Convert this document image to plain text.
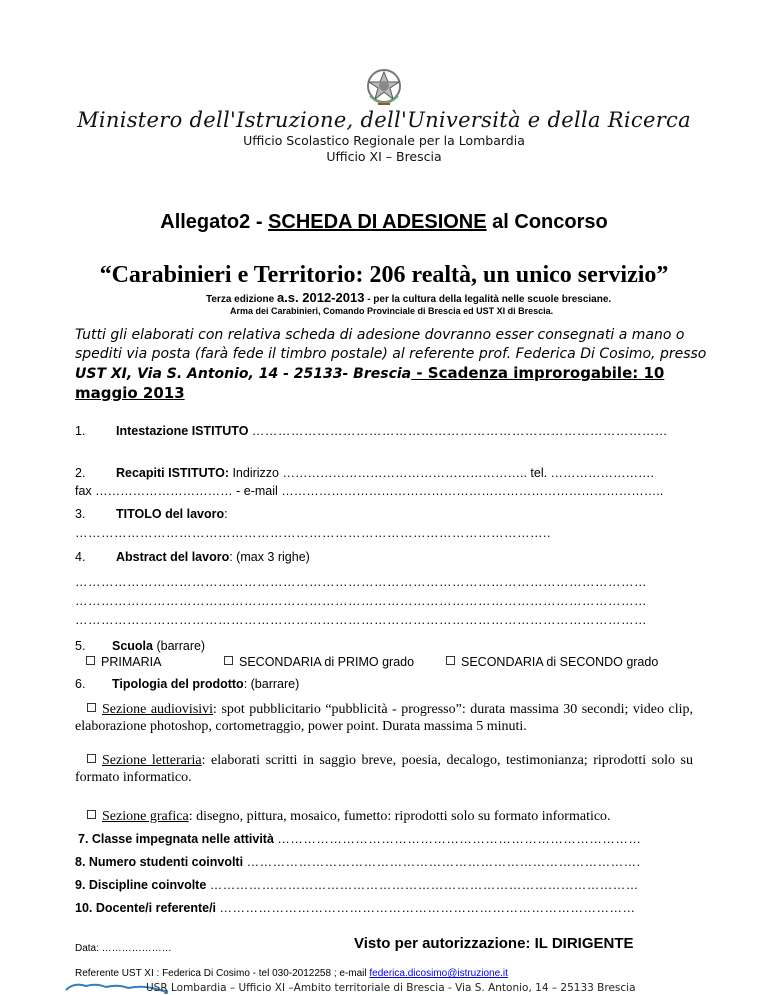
Ministero dell'Istruzione, dell'Università e della Ricerca
Ufficio Scolastico Regionale per la Lombardia
Ufficio XI – Brescia
Allegato2 - SCHEDA DI ADESIONE al Concorso
“Carabinieri e Territorio: 206 realtà, un unico servizio”
Terza edizione a.s. 2012-2013 - per la cultura della legalità nelle scuole bresciane.
Arma dei Carabinieri, Comando Provinciale di Brescia ed UST XI di Brescia.
Tutti gli elaborati con relativa scheda di adesione dovranno esser consegnati a mano o spediti via posta (farà fede il timbro postale) al referente prof. Federica Di Cosimo, presso UST XI, Via S. Antonio, 14 - 25133- Brescia - Scadenza improrogabile: 10 maggio 2013
1. Intestazione ISTITUTO ……………………………………………………………………………………
2. Recapiti ISTITUTO: Indirizzo ………………………………………………….. tel. …………………….
fax …………………………… - e-mail ………………………………………………………………………………..
3. TITOLO del lavoro:
………………………………………………………………………………………………..
4. Abstract del lavoro: (max 3 righe)
……………………………………………………………………………………………………………………
……………………………………………………………………………………………………………………
……………………………………………………………………………………………………………………
5. Scuola (barrare)
PRIMARIA	SECONDARIA di PRIMO grado	SECONDARIA di SECONDO grado
6. Tipologia del prodotto: (barrare)
Sezione audiovisivi: spot pubblicitario “pubblicità - progresso”: durata massima 30 secondi; video clip, elaborazione photoshop, cortometraggio, power point. Durata massima 5 minuti.
Sezione letteraria: elaborati scritti in saggio breve, poesia, decalogo, testimonianza; riprodotti solo su formato informatico.
Sezione grafica: disegno, pittura, mosaico, fumetto: riprodotti solo su formato informatico.
7. Classe impegnata nelle attività …………………………………………………………………………
8. Numero studenti coinvolti ……………………………………………………………………………….
9. Discipline coinvolte ………………………………………………………………………………………
10. Docente/i referente/i ……………………………………………………………………………………
Data: …………………	Visto per autorizzazione: IL DIRIGENTE
Referente UST XI : Federica Di Cosimo - tel 030-2012258 ; e-mail federica.dicosimo@istruzione.it
USR Lombardia – Ufficio XI –Ambito territoriale di Brescia - Via S. Antonio, 14 – 25133 Brescia
